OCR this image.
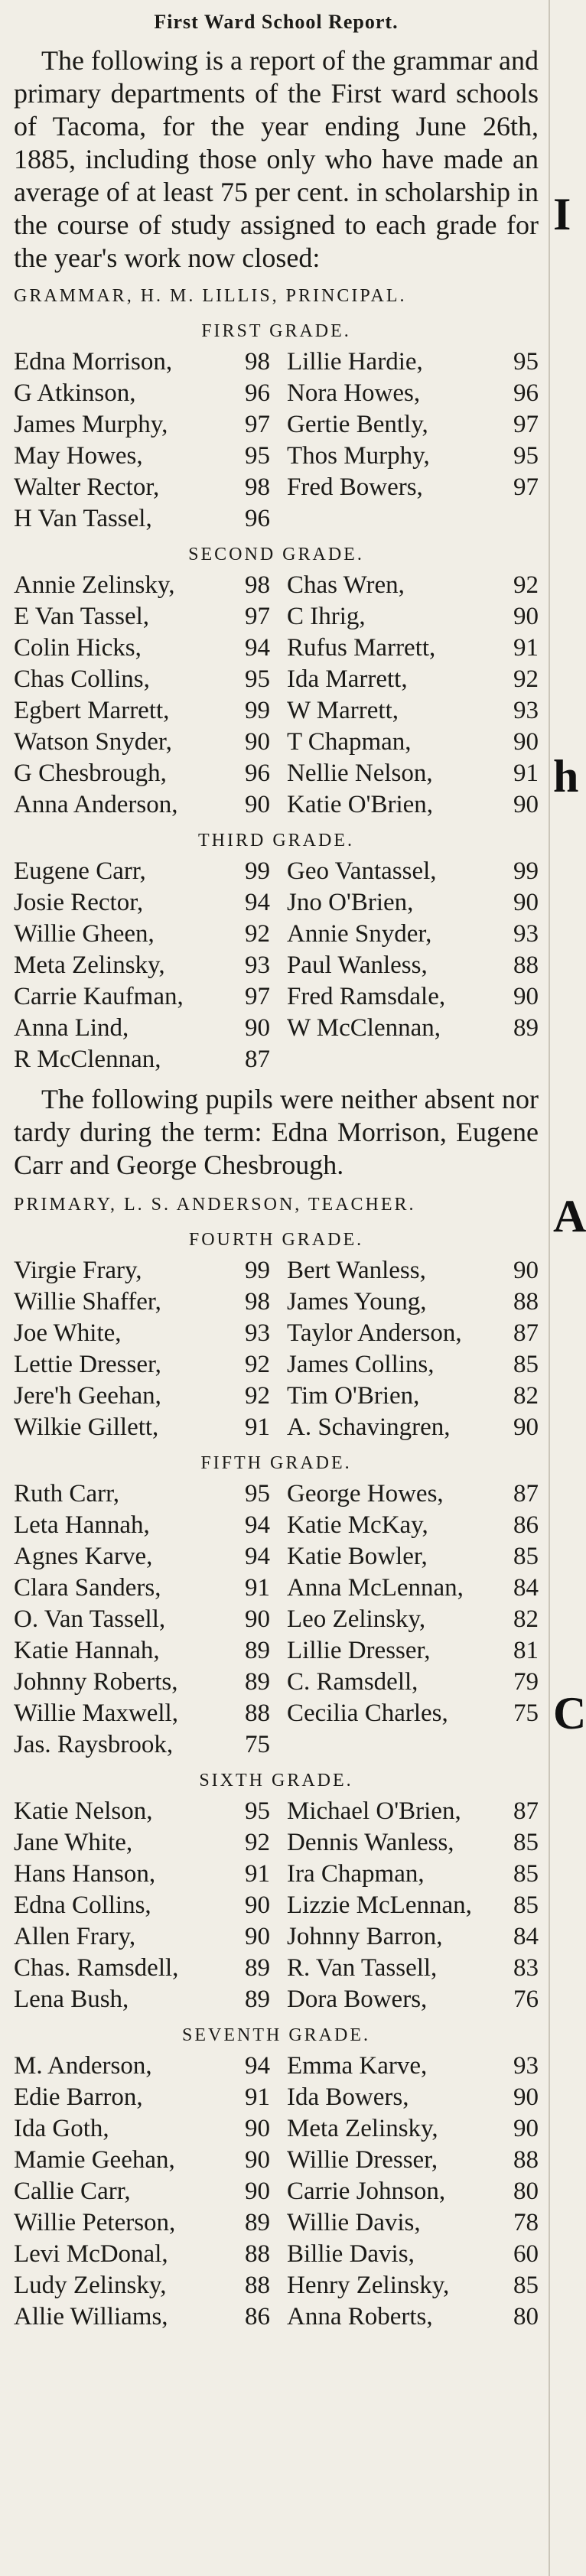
First Ward School Report.

The following is a report of the grammar and primary departments of the First ward schools of Tacoma, for the year ending June 26th, 1885, including those only who have made an average of at least 75 per cent. in scholarship in the course of study assigned to each grade for the year's work now closed:

GRAMMAR, H. M. LILLIS, PRINCIPAL.
FIRST GRADE.
Edna Morrison,	98 Lillie Hardie,	95
G Atkinson,	96 Nora Howes,	96
James Murphy,	97 Gertie Bently,	97
May Howes,	95 Thos Murphy,	95
Walter Rector,	98 Fred Bowers,	97
H Van Tassel,	96
SECOND GRADE.
Annie Zelinsky,	98 Chas Wren,	92
E Van Tassel,	97 C Ihrig,	90
Colin Hicks,	94 Rufus Marrett,	91
Chas Collins,	95 Ida Marrett,	92
Egbert Marrett,	99 W Marrett,	93
Watson Snyder,	90 T Chapman,	90
G Chesbrough,	96 Nellie Nelson,	91
Anna Anderson,	90 Katie O'Brien,	90
THIRD GRADE.
Eugene Carr,	99 Geo Vantassel,	99
Josie Rector,	94 Jno O'Brien,	90
Willie Gheen,	92 Annie Snyder,	93
Meta Zelinsky,	93 Paul Wanless,	88
Carrie Kaufman,	97 Fred Ramsdale,	90
Anna Lind,	90 W McClennan,	89
R McClennan,	87

The following pupils were neither absent nor tardy during the term: Edna Morrison, Eugene Carr and George Chesbrough.

PRIMARY, L. S. ANDERSON, TEACHER.
FOURTH GRADE.
Virgie Frary,	99 Bert Wanless,	90
Willie Shaffer,	98 James Young,	88
Joe White,	93 Taylor Anderson,	87
Lettie Dresser,	92 James Collins,	85
Jere'h Geehan,	92 Tim O'Brien,	82
Wilkie Gillett,	91 A. Schavingren,	90
FIFTH GRADE.
Ruth Carr,	95 George Howes,	87
Leta Hannah,	94 Katie McKay,	86
Agnes Karve,	94 Katie Bowler,	85
Clara Sanders,	91 Anna McLennan,	84
O. Van Tassell,	90 Leo Zelinsky,	82
Katie Hannah,	89 Lillie Dresser,	81
Johnny Roberts,	89 C. Ramsdell,	79
Willie Maxwell,	88 Cecilia Charles,	75
Jas. Raysbrook,	75
SIXTH GRADE.
Katie Nelson,	95 Michael O'Brien,	87
Jane White,	92 Dennis Wanless,	85
Hans Hanson,	91 Ira Chapman,	85
Edna Collins,	90 Lizzie McLennan,	85
Allen Frary,	90 Johnny Barron,	84
Chas. Ramsdell,	89 R. Van Tassell,	83
Lena Bush,	89 Dora Bowers,	76
SEVENTH GRADE.
M. Anderson,	94 Emma Karve,	93
Edie Barron,	91 Ida Bowers,	90
Ida Goth,	90 Meta Zelinsky,	90
Mamie Geehan,	90 Willie Dresser,	88
Callie Carr,	90 Carrie Johnson,	80
Willie Peterson,	89 Willie Davis,	78
Levi McDonal,	88 Billie Davis,	60
Ludy Zelinsky,	88 Henry Zelinsky,	85
Allie Williams,	86 Anna Roberts,	80
I
h
A
C
